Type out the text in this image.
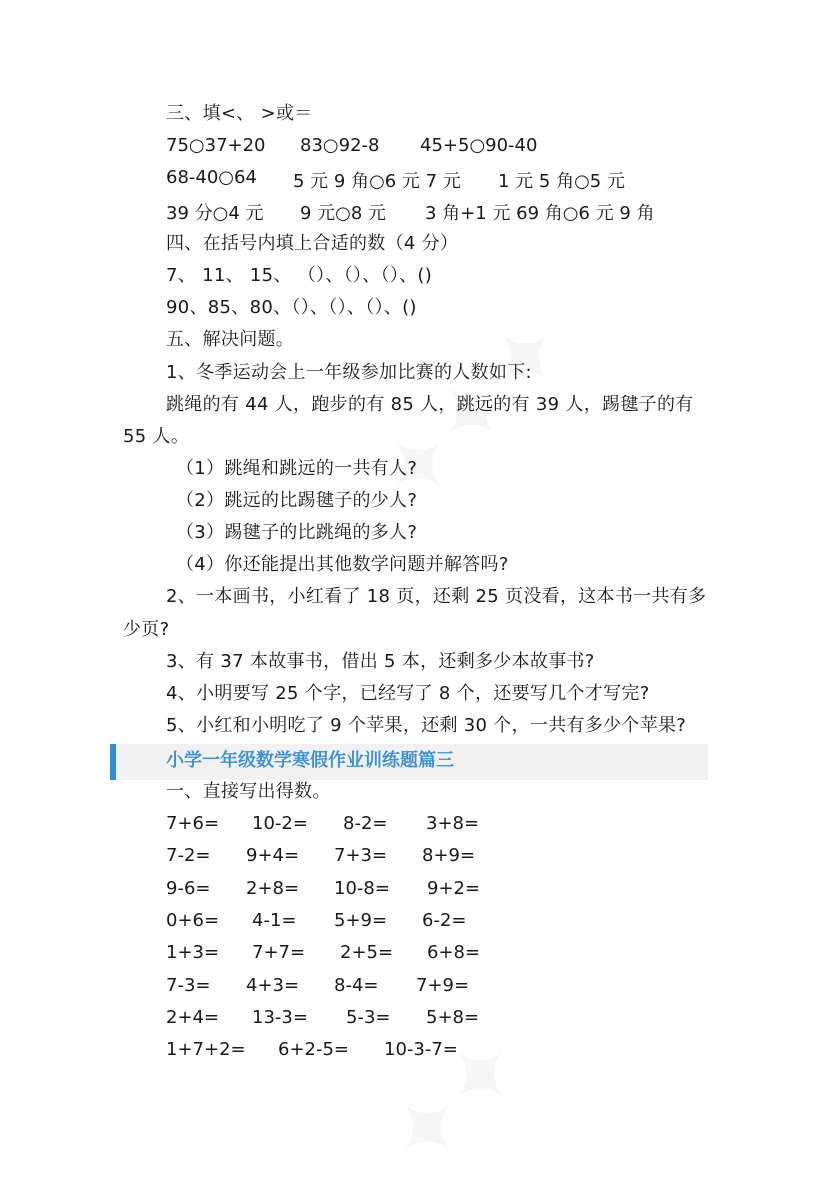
三、填<、 >或＝
75○37+20 83○92-8 45+5○90-40
68-40○64 5 元 9 角○6 元 7 元 1 元 5 角○5 元
39 分○4 元 9 元○8 元 3 角+1 元 69 角○6 元 9 角
四、在括号内填上合适的数（4 分）
7、 11、 15、 （）、（）、（）、()
90、85、80、（）、（）、（）、()
五、解决问题。
1、冬季运动会上一年级参加比赛的人数如下:
跳绳的有 44 人，跑步的有 85 人，跳远的有 39 人，踢毽子的有
55 人。
（1）跳绳和跳远的一共有人?
（2）跳远的比踢毽子的少人?
（3）踢毽子的比跳绳的多人?
（4）你还能提出其他数学问题并解答吗?
2、一本画书，小红看了 18 页，还剩 25 页没看，这本书一共有多
少页?
3、有 37 本故事书，借出 5 本，还剩多少本故事书?
4、小明要写 25 个字，已经写了 8 个，还要写几个才写完?
5、小红和小明吃了 9 个苹果，还剩 30 个，一共有多少个苹果?
小学一年级数学寒假作业训练题篇三
一、直接写出得数。
7+6= 10-2= 8-2= 3+8=
7-2= 9+4= 7+3= 8+9=
9-6= 2+8= 10-8= 9+2=
0+6= 4-1= 5+9= 6-2=
1+3= 7+7= 2+5= 6+8=
7-3= 4+3= 8-4= 7+9=
2+4= 13-3= 5-3= 5+8=
1+7+2= 6+2-5= 10-3-7=
